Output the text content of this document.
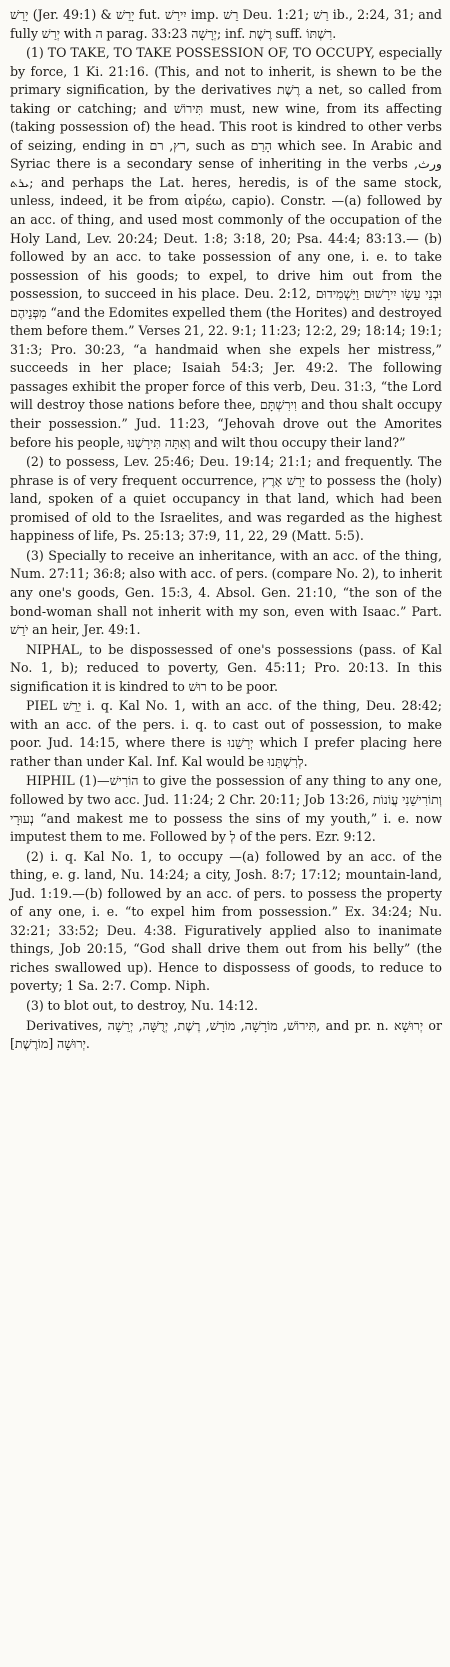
יָרַשׁ (Jer. 49:1) & יָרֵשׁ fut. יִירַשׁ imp. רֵשׁ Deu. 1:21; רַשׁ ib., 2:24, 31; and fully יְרַשׁ with ה parag. יְרָשָׁה 33:23; inf. רֶשֶׁת suff. רִשְׁתּוֹ.

(1) TO TAKE, TO TAKE POSSESSION OF, TO OCCUPY, especially by force, 1 Ki. 21:16. (This, and not to inherit, is shewn to be the primary signification, by the derivatives רֶשֶׁת a net, so called from taking or catching; and תִּירוֹשׁ must, new wine, from its affecting (taking possession of) the head. This root is kindred to other verbs of seizing, ending in רץ, רם, such as הָרַם which see. In Arabic and Syriac there is a secondary sense of inheriting in the verbs ورث, ܝܪܬ; and perhaps the Lat. heres, heredis, is of the same stock, unless, indeed, it be from αἱρέω, capio). Constr. —(a) followed by an acc. of thing, and used most commonly of the occupation of the Holy Land, Lev. 20:24; Deut. 1:8; 3:18, 20; Psa. 44:4; 83:13.— (b) followed by an acc. to take possession of any one, i. e. to take possession of his goods; to expel, to drive him out from the possession, to succeed in his place. Deu. 2:12, וּבְנֵי עֵשָׂו יִירָשׁוּם וַיַּשְׁמִידוּם מִפְּנֵיהֶם “and the Edomites expelled them (the Horites) and destroyed them before them.” Verses 21, 22. 9:1; 11:23; 12:2, 29; 18:14; 19:1; 31:3; Pro. 30:23, “a handmaid when she expels her mistress,” succeeds in her place; Isaiah 54:3; Jer. 49:2. The following passages exhibit the proper force of this verb, Deu. 31:3, “the Lord will destroy those nations before thee, וִירִשְׁתָּם and thou shalt occupy their possession.” Jud. 11:23, “Jehovah drove out the Amorites before his people, וְאַתָּה תִּירָשֶׁנּוּ and wilt thou occupy their land?”

(2) to possess, Lev. 25:46; Deu. 19:14; 21:1; and frequently. The phrase is of very frequent occurrence, יָרַשׁ אָרֶץ to possess the (holy) land, spoken of a quiet occupancy in that land, which had been promised of old to the Israelites, and was regarded as the highest happiness of life, Ps. 25:13; 37:9, 11, 22, 29 (Matt. 5:5).

(3) Specially to receive an inheritance, with an acc. of the thing, Num. 27:11; 36:8; also with acc. of pers. (compare No. 2), to inherit any one's goods, Gen. 15:3, 4. Absol. Gen. 21:10, “the son of the bond-woman shall not inherit with my son, even with Isaac.” Part. יֹרֵשׁ an heir, Jer. 49:1.

NIPHAL, to be dispossessed of one's possessions (pass. of Kal No. 1, b); reduced to poverty, Gen. 45:11; Pro. 20:13. In this signification it is kindred to רוּשׁ to be poor.

PIEL יֵרֵשׁ i. q. Kal No. 1, with an acc. of the thing, Deu. 28:42; with an acc. of the pers. i. q. to cast out of possession, to make poor. Jud. 14:15, where there is יְרָשֵׁנוּ which I prefer placing here rather than under Kal. Inf. Kal would be לְרִשְׁתֵּנוּ.

HIPHIL הוֹרִישׁ—(1) to give the possession of any thing to any one, followed by two acc. Jud. 11:24; 2 Chr. 20:11; Job 13:26, וְתוֹרִישֵׁנִי עֲוֹנוֹת נְעוּרָי “and makest me to possess the sins of my youth,” i. e. now imputest them to me. Followed by לְ of the pers. Ezr. 9:12.

(2) i. q. Kal No. 1, to occupy —(a) followed by an acc. of the thing, e. g. land, Nu. 14:24; a city, Josh. 8:7; 17:12; mountain-land, Jud. 1:19.—(b) followed by an acc. of pers. to possess the property of any one, i. e. “to expel him from possession.” Ex. 34:24; Nu. 32:21; 33:52; Deu. 4:38. Figuratively applied also to inanimate things, Job 20:15, “God shall drive them out from his belly” (the riches swallowed up). Hence to dispossess of goods, to reduce to poverty; 1 Sa. 2:7. Comp. Niph.

(3) to blot out, to destroy, Nu. 14:12.

Derivatives, תִּירוֹשׁ, מוֹרָשָׁה, מוֹרָשׁ, רֶשֶׁת, יְרֻשָּׁה, יְרֵשָׁה, and pr. n. יְרוּשָׁא or יְרוּשָׁה [מוֹרֶשֶׁת].
